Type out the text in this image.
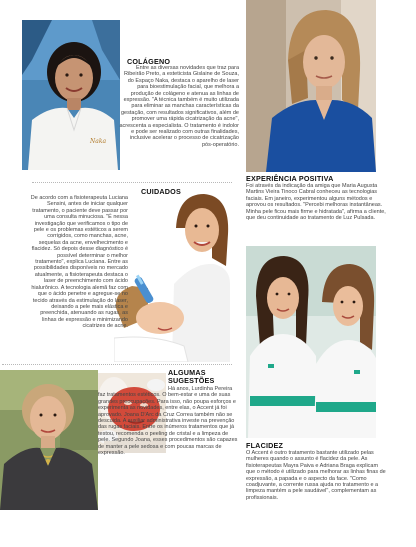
Naka
COLÁGENO
Entre as diversas novidades que traz para Ribeirão Preto, a esteticista Gislaine de Souza, do Espaço Naka, destaca o aparelho de laser para bioestimulação facial, que melhora a produção de colágeno e atenua as linhas de expressão. "A técnica também é muito utilizada para eliminar as manchas características da gestação, com resultados significativos, além de promover uma rápida cicatrização da acne", acrescenta a especialista. O tratamento é indolor e pode ser realizado com outras finalidades, inclusive acelerar o processo de cicatrização pós-operatório.
EXPERIÊNCIA POSITIVA
Foi através da indicação da amiga que Maria Augusta Martins Vieira Tinoco Cabral conheceu as tecnologias faciais. Em janeiro, experimentou alguns métodos e aprovou os resultados. "Percebi melhoras instantâneas. Minha pele ficou mais firme e hidratada", afirma a cliente, que deu continuidade ao tratamento de Luz Pulsada.
CUIDADOS
De acordo com a fisioterapeuta Luciana Sensini, antes de iniciar qualquer tratamento, o paciente deve passar por uma consulta minuciosa. "É nessa investigação que verificamos o tipo de pele e os problemas estéticos a serem corrigidos, como manchas, acne, sequelas da acne, envelhecimento e flacidez. Só depois desse diagnóstico é possível determinar o melhor tratamento", explica Luciana. Entre as possibilidades disponíveis no mercado atualmente, a fisioterapeuta destaca o laser de preenchimento com ácido hialurônico. A tecnologia alemã faz com que o ácido penetre e agregue-se no tecido através da estimulação do laser, deixando a pele mais elástica e preenchida, atenuando as rugas, as linhas de expressão e minimizando cicatrizes de acne.
ALGUMAS SUGESTÕES
Há anos, Lurdinha Pereira faz tratamentos estéticos. O bem-estar e uma de suas grandes preocupações. Para isso, não poupa esforços e experimenta as novidades, entre elas, o Accent já foi aprovado. Joana D'Arc da Cruz Correa também não se descuida. A auxiliar administrativa investe na prevenção das rugas faciais. Entre os inúmeros tratamentos que já testou, recomenda o peeling de cristal e a limpeza de pele. Segundo Joana, esses procedimentos são capazes de manter a pele sedosa e com poucas marcas de expressão.
FLACIDEZ
O Accent é outro tratamento bastante utilizado pelas mulheres quando o assunto é flacidez da pele. As fisioterapeutas Mayra Paiva e Adriana Braga explicam que o método é utilizado para melhorar as linhas finas de expressão, a papada e o aspecto da face. "Como coadjuvante, a corrente russa ajuda no tratamento e a limpeza mantém a pele saudável", complementam as profissionais.
